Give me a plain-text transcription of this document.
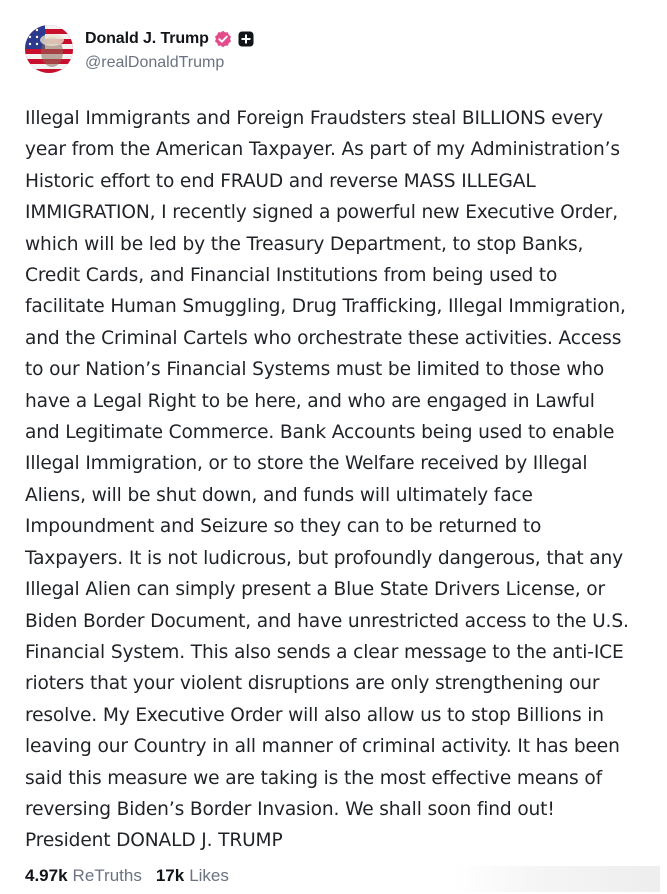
Donald J. Trump
@realDonaldTrump
Illegal Immigrants and Foreign Fraudsters steal BILLIONS every
year from the American Taxpayer. As part of my Administration’s
Historic effort to end FRAUD and reverse MASS ILLEGAL
IMMIGRATION, I recently signed a powerful new Executive Order,
which will be led by the Treasury Department, to stop Banks,
Credit Cards, and Financial Institutions from being used to
facilitate Human Smuggling, Drug Trafficking, Illegal Immigration,
and the Criminal Cartels who orchestrate these activities. Access
to our Nation’s Financial Systems must be limited to those who
have a Legal Right to be here, and who are engaged in Lawful
and Legitimate Commerce. Bank Accounts being used to enable
Illegal Immigration, or to store the Welfare received by Illegal
Aliens, will be shut down, and funds will ultimately face
Impoundment and Seizure so they can to be returned to
Taxpayers. It is not ludicrous, but profoundly dangerous, that any
Illegal Alien can simply present a Blue State Drivers License, or
Biden Border Document, and have unrestricted access to the U.S.
Financial System. This also sends a clear message to the anti-ICE
rioters that your violent disruptions are only strengthening our
resolve. My Executive Order will also allow us to stop Billions in
leaving our Country in all manner of criminal activity. It has been
said this measure we are taking is the most effective means of
reversing Biden’s Border Invasion. We shall soon find out!
President DONALD J. TRUMP
4.97k ReTruths 17k Likes
